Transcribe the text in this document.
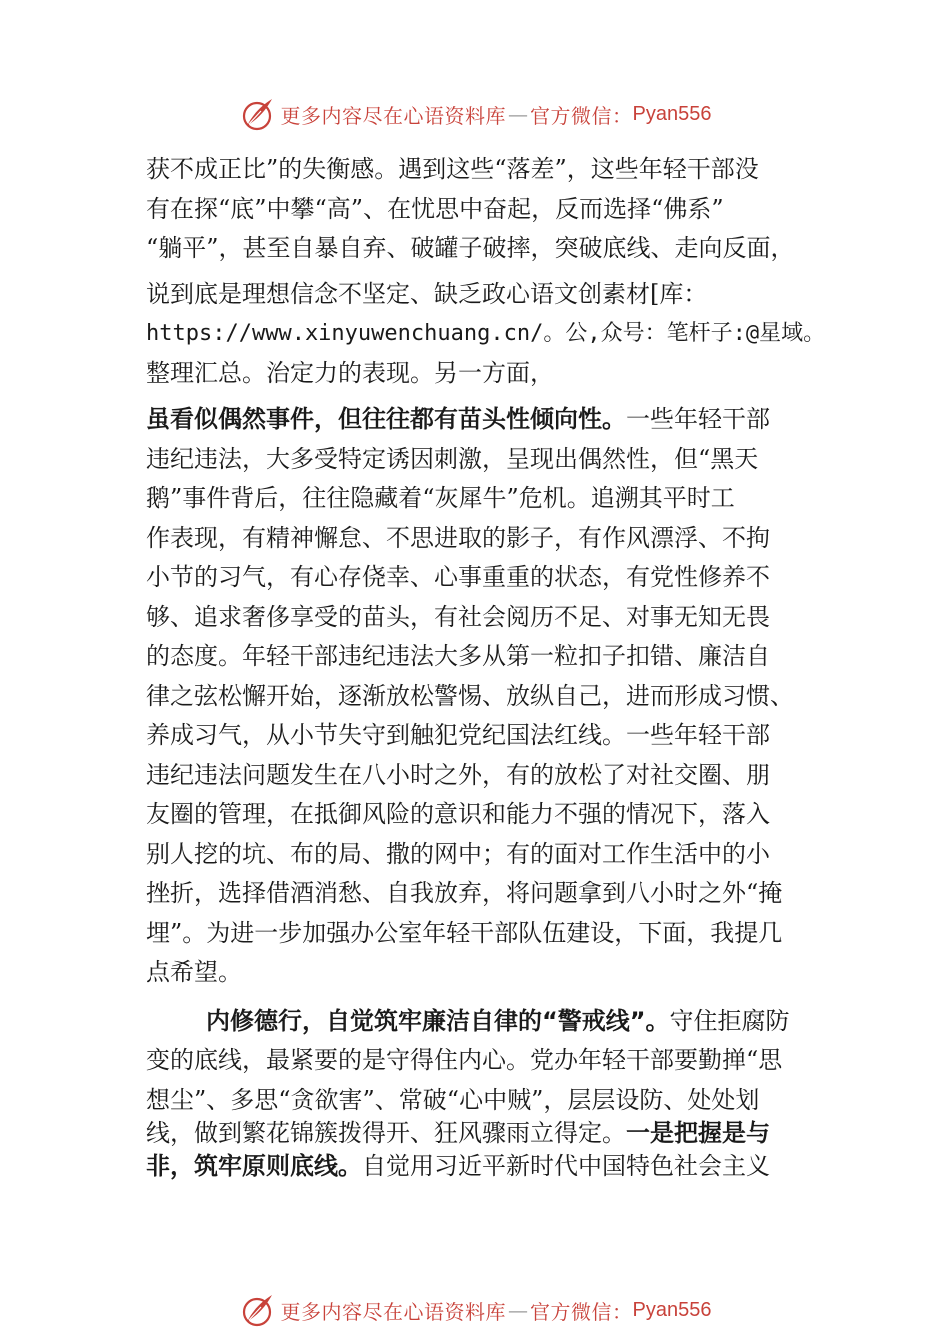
更多内容尽在心语资料库 — 官方微信： Pyan556
获不成正比”的失衡感。遇到这些“落差”，这些年轻干部没
有在探“底”中攀“高”、在忧思中奋起，反而选择“佛系”
“躺平”，甚至自暴自弃、破罐子破摔，突破底线、走向反面，
说到底是理想信念不坚定、缺乏政心语文创素材[库：
https://www.xinyuwenchuang.cn/。公,众号：笔杆子:@星域。
整理汇总。治定力的表现。另一方面，
虽看似偶然事件，但往往都有苗头性倾向性。一些年轻干部
违纪违法，大多受特定诱因刺激，呈现出偶然性，但“黑天
鹅”事件背后，往往隐藏着“灰犀牛”危机。追溯其平时工
作表现，有精神懈怠、不思进取的影子，有作风漂浮、不拘
小节的习气，有心存侥幸、心事重重的状态，有党性修养不
够、追求奢侈享受的苗头，有社会阅历不足、对事无知无畏
的态度。年轻干部违纪违法大多从第一粒扣子扣错、廉洁自
律之弦松懈开始，逐渐放松警惕、放纵自己，进而形成习惯、
养成习气，从小节失守到触犯党纪国法红线。一些年轻干部
违纪违法问题发生在八小时之外，有的放松了对社交圈、朋
友圈的管理，在抵御风险的意识和能力不强的情况下，落入
别人挖的坑、布的局、撒的网中；有的面对工作生活中的小
挫折，选择借酒消愁、自我放弃，将问题拿到八小时之外“掩
埋”。为进一步加强办公室年轻干部队伍建设，下面，我提几
点希望。
内修德行，自觉筑牢廉洁自律的“警戒线”。守住拒腐防
变的底线，最紧要的是守得住内心。党办年轻干部要勤掸“思
想尘”、多思“贪欲害”、常破“心中贼”，层层设防、处处划
线，做到繁花锦簇拨得开、狂风骤雨立得定。一是把握是与
非，筑牢原则底线。自觉用习近平新时代中国特色社会主义
更多内容尽在心语资料库 — 官方微信： Pyan556
